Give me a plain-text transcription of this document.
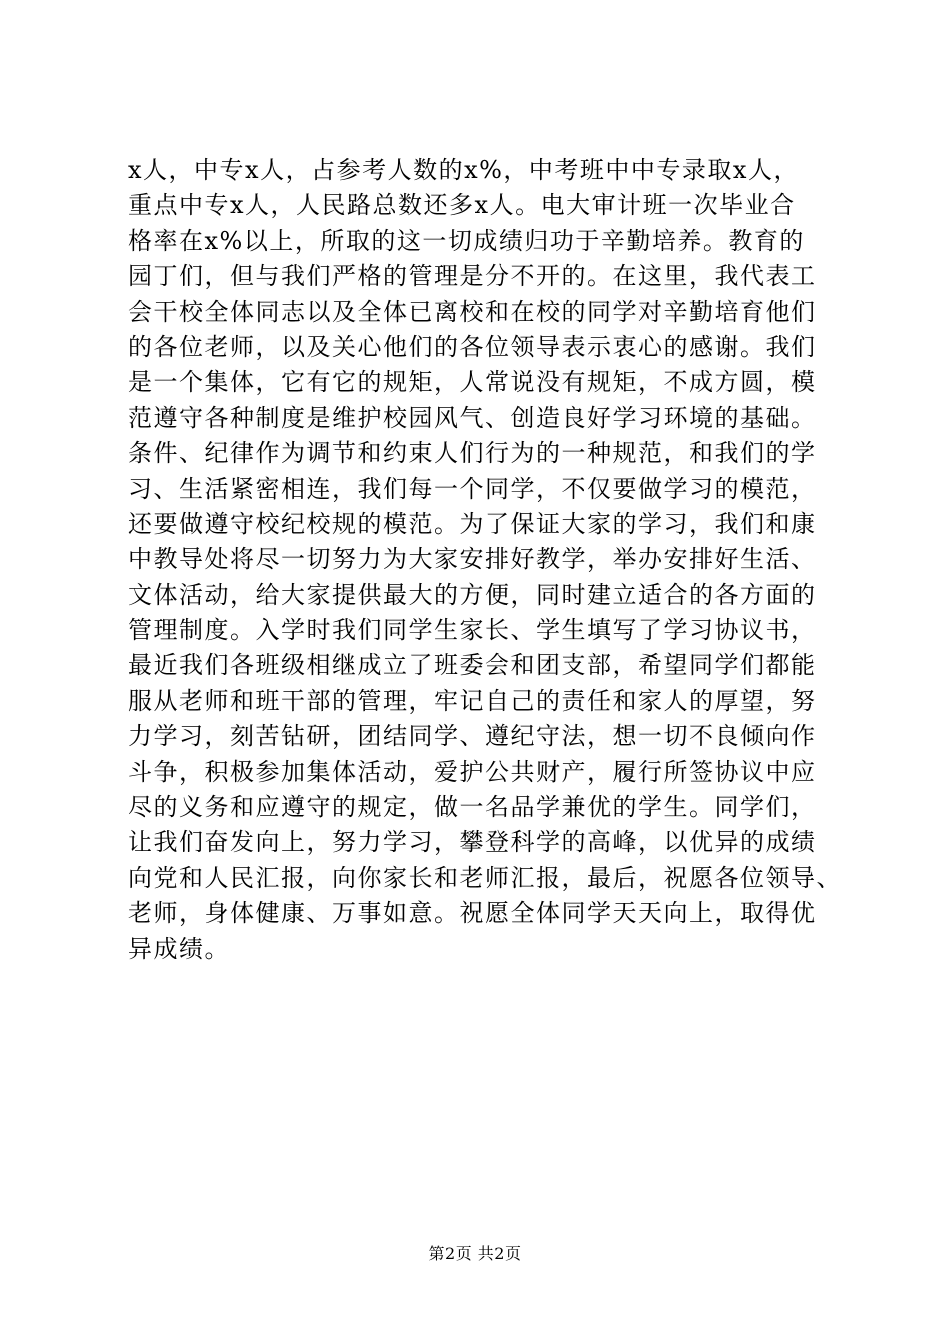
x人，中专x人，占参考人数的x%，中考班中中专录取x人，
重点中专x人，人民路总数还多x人。电大审计班一次毕业合
格率在x%以上，所取的这一切成绩归功于辛勤培养。教育的
园丁们，但与我们严格的管理是分不开的。在这里，我代表工
会干校全体同志以及全体已离校和在校的同学对辛勤培育他们
的各位老师，以及关心他们的各位领导表示衷心的感谢。我们
是一个集体，它有它的规矩，人常说没有规矩，不成方圆，模
范遵守各种制度是维护校园风气、创造良好学习环境的基础。
条件、纪律作为调节和约束人们行为的一种规范，和我们的学
习、生活紧密相连，我们每一个同学，不仅要做学习的模范，
还要做遵守校纪校规的模范。为了保证大家的学习，我们和康
中教导处将尽一切努力为大家安排好教学，举办安排好生活、
文体活动，给大家提供最大的方便，同时建立适合的各方面的
管理制度。入学时我们同学生家长、学生填写了学习协议书，
最近我们各班级相继成立了班委会和团支部，希望同学们都能
服从老师和班干部的管理，牢记自己的责任和家人的厚望，努
力学习，刻苦钻研，团结同学、遵纪守法，想一切不良倾向作
斗争，积极参加集体活动，爱护公共财产，履行所签协议中应
尽的义务和应遵守的规定，做一名品学兼优的学生。同学们，
让我们奋发向上，努力学习，攀登科学的高峰，以优异的成绩
向党和人民汇报，向你家长和老师汇报，最后，祝愿各位领导、
老师，身体健康、万事如意。祝愿全体同学天天向上，取得优
异成绩。
第2页 共2页
